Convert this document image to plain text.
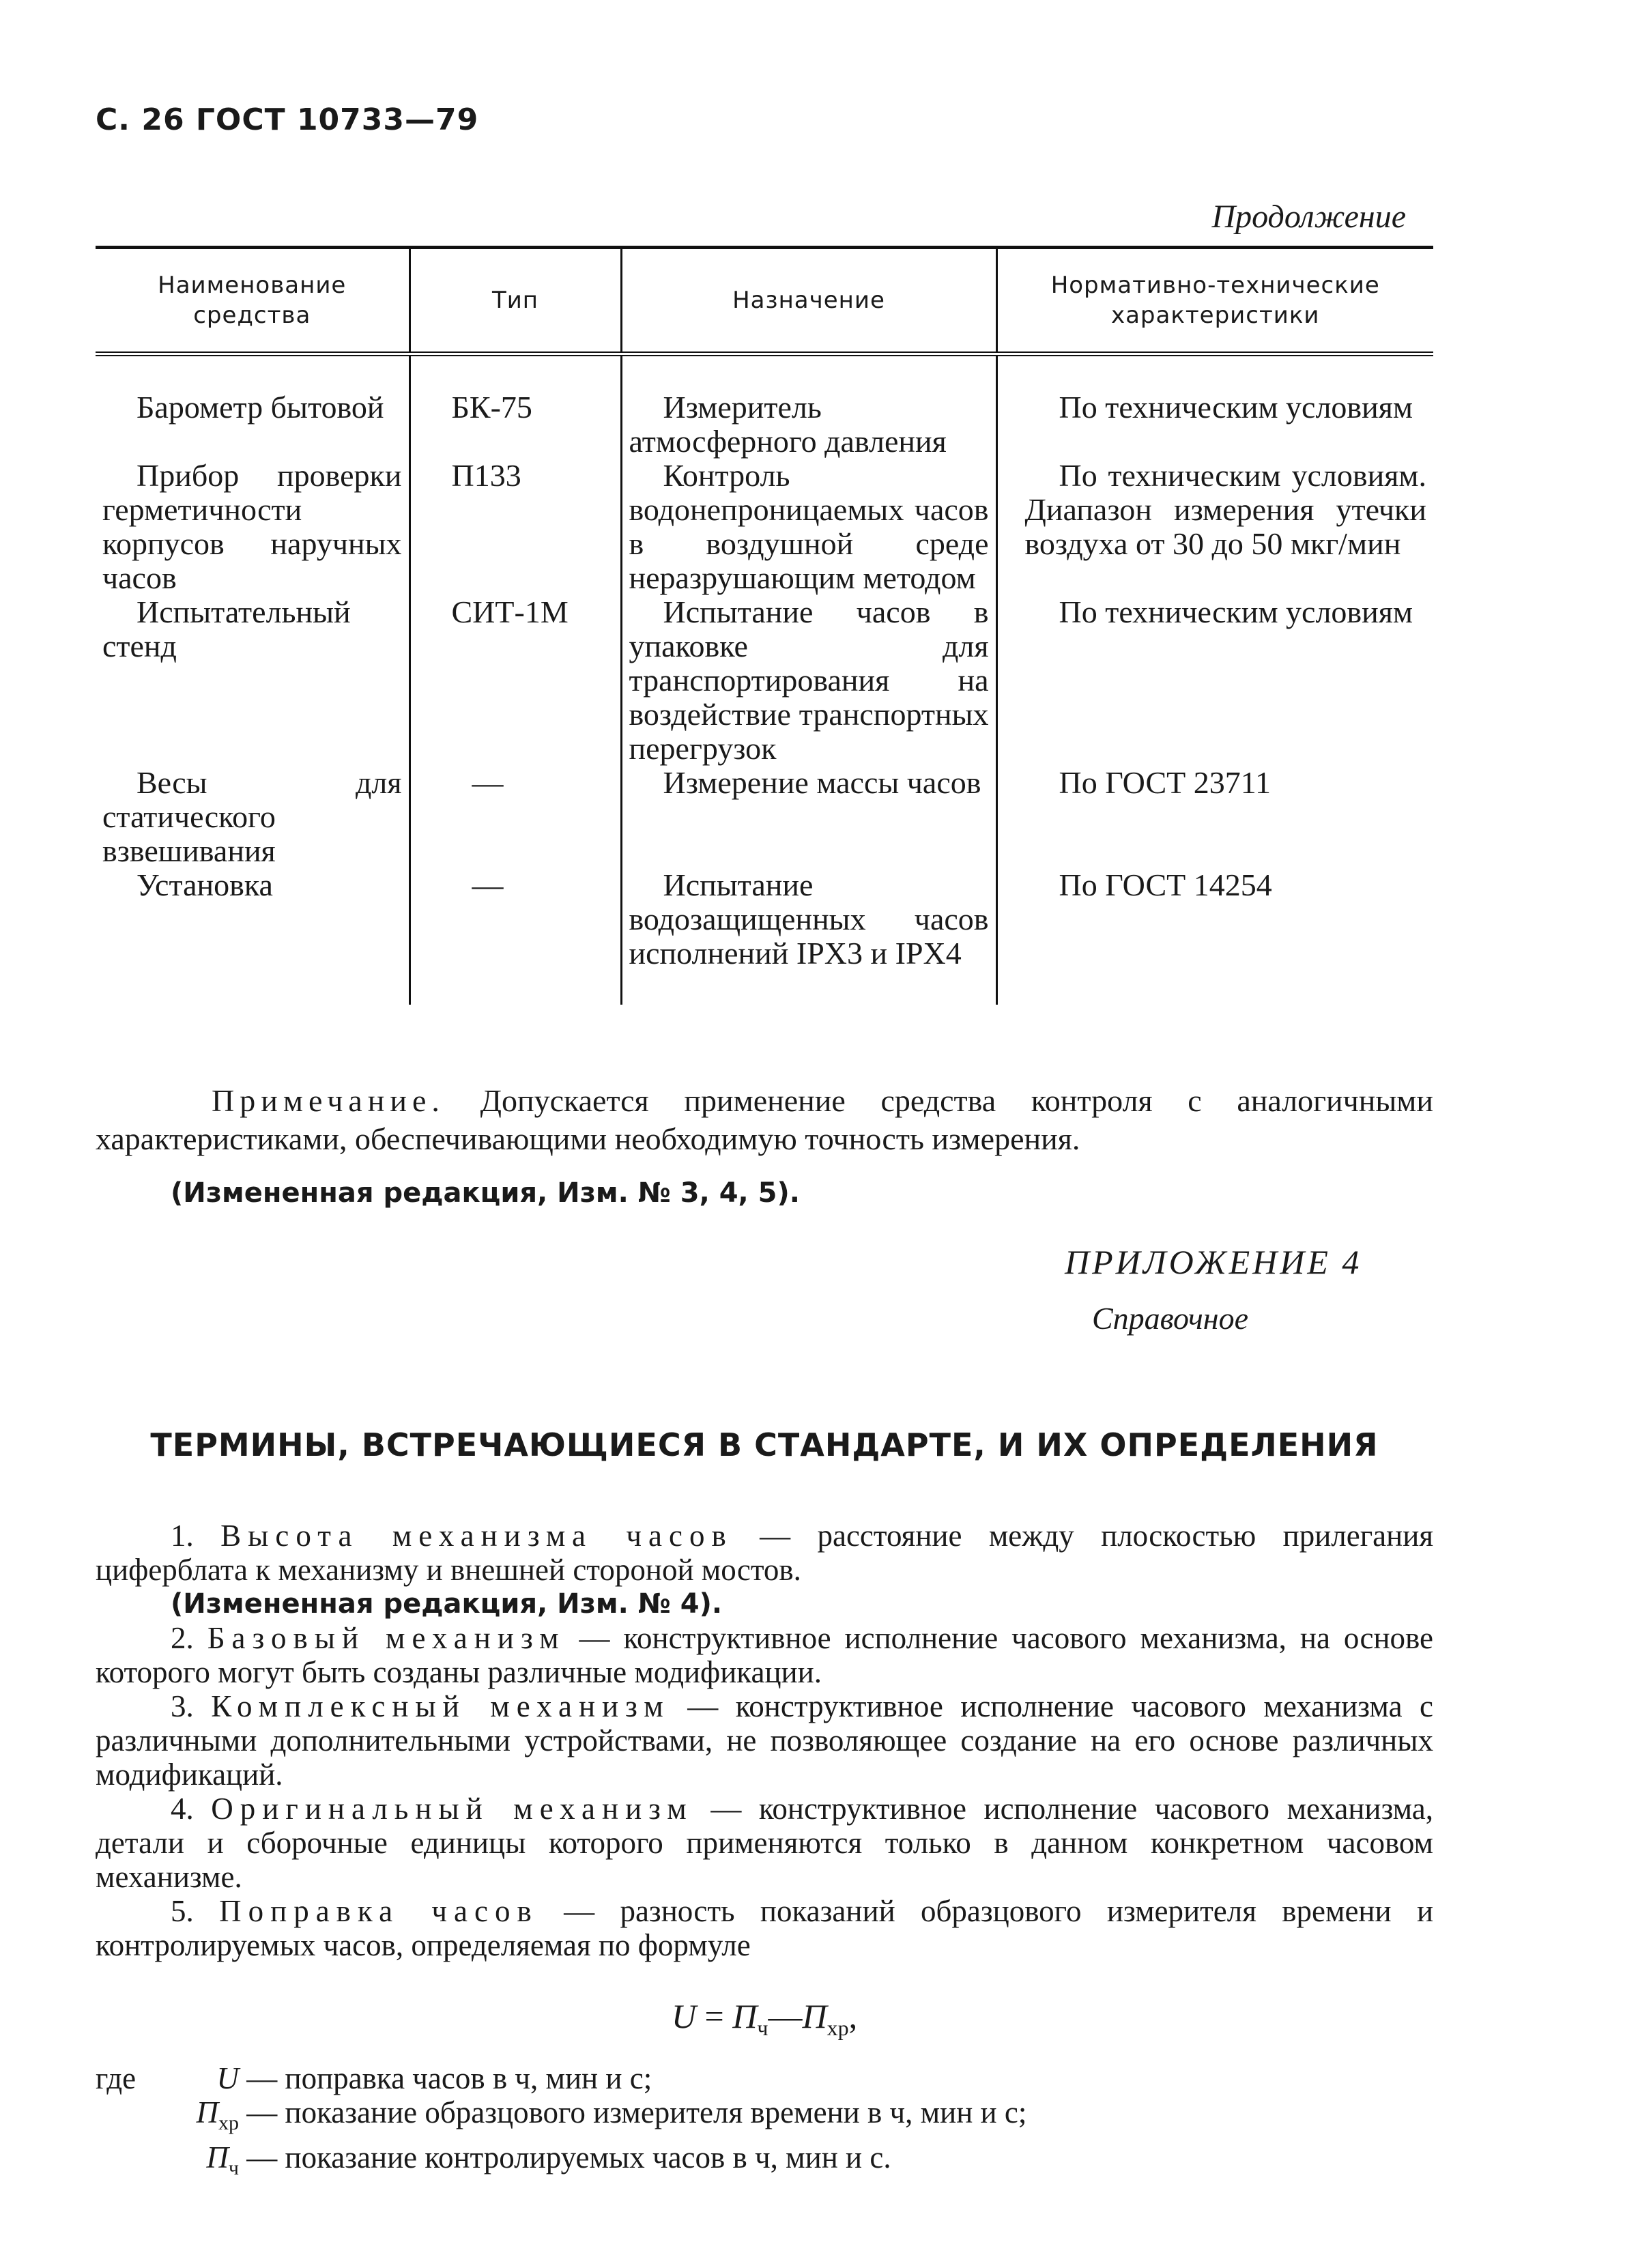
С. 26 ГОСТ 10733—79
Продолжение
Наименование средства	Тип	Назначение	Нормативно-технические характеристики
Барометр бытовой	БК-75	Измеритель атмосферного давления	По техническим условиям
Прибор проверки герметичности корпусов наручных часов	П133	Контроль водонепроницаемых часов в воздушной среде неразрушающим методом	По техническим условиям. Диапазон измерения утечки воздуха от 30 до 50 мкг/мин
Испытательный стенд	СИТ-1М	Испытание часов в упаковке для транспортирования на воздействие транспортных перегрузок	По техническим условиям
Весы для статического взвешивания	—	Измерение массы часов	По ГОСТ 23711
Установка	—	Испытание водозащищенных часов исполнений IPX3 и IPX4	По ГОСТ 14254

Примечание. Допускается применение средства контроля с аналогичными характеристиками, обеспечивающими необходимую точность измерения.

(Измененная редакция, Изм. № 3, 4, 5).
ПРИЛОЖЕНИЕ 4
Справочное
ТЕРМИНЫ, ВСТРЕЧАЮЩИЕСЯ В СТАНДАРТЕ, И ИХ ОПРЕДЕЛЕНИЯ

1. Высота механизма часов — расстояние между плоскостью прилегания циферблата к механизму и внешней стороной мостов.

(Измененная редакция, Изм. № 4).

2. Базовый механизм — конструктивное исполнение часового механизма, на основе которого могут быть созданы различные модификации.

3. Комплексный механизм — конструктивное исполнение часового механизма с различными дополнительными устройствами, не позволяющее создание на его основе различных модификаций.

4. Оригинальный механизм — конструктивное исполнение часового механизма, детали и сборочные единицы которого применяются только в данном конкретном часовом механизме.

5. Поправка часов — разность показаний образцового измерителя времени и контролируемых часов, определяемая по формуле

$U = П_ч—П_{хр}$,
где	U — поправка часов в ч, мин и с;
$П_{хр}$ — показание образцового измерителя времени в ч, мин и с;
$П_ч$ — показание контролируемых часов в ч, мин и с.
